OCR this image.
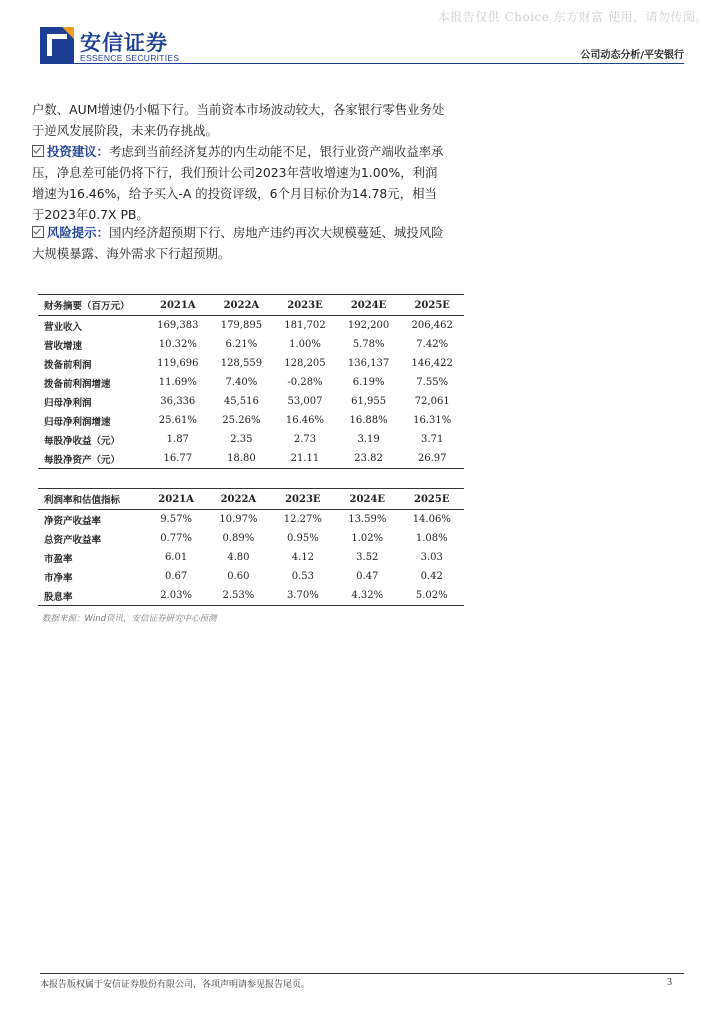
本报告仅供 Choice 东方财富 使用，请勿传阅。
安信证券
ESSENCE SECURITIES	公司动态分析/平安银行
户数、AUM增速仍小幅下行。当前资本市场波动较大，各家银行零售业务处于逆风发展阶段，未来仍存挑战。
投资建议：考虑到当前经济复苏的内生动能不足，银行业资产端收益率承压，净息差可能仍将下行，我们预计公司2023年营收增速为1.00%，利润增速为16.46%，给予买入-A 的投资评级，6个月目标价为14.78元，相当于2023年0.7X PB。
风险提示：国内经济超预期下行、房地产违约再次大规模蔓延、城投风险大规模暴露、海外需求下行超预期。
财务摘要（百万元）	2021A	2022A	2023E	2024E	2025E
营业收入	169,383	179,895	181,702	192,200	206,462
营收增速	10.32%	6.21%	1.00%	5.78%	7.42%
拨备前利润	119,696	128,559	128,205	136,137	146,422
拨备前利润增速	11.69%	7.40%	-0.28%	6.19%	7.55%
归母净利润	36,336	45,516	53,007	61,955	72,061
归母净利润增速	25.61%	25.26%	16.46%	16.88%	16.31%
每股净收益（元）	1.87	2.35	2.73	3.19	3.71
每股净资产（元）	16.77	18.80	21.11	23.82	26.97
利润率和估值指标	2021A	2022A	2023E	2024E	2025E
净资产收益率	9.57%	10.97%	12.27%	13.59%	14.06%
总资产收益率	0.77%	0.89%	0.95%	1.02%	1.08%
市盈率	6.01	4.80	4.12	3.52	3.03
市净率	0.67	0.60	0.53	0.47	0.42
股息率	2.03%	2.53%	3.70%	4.32%	5.02%
数据来源：Wind资讯，安信证券研究中心预测
本报告版权属于安信证券股份有限公司，各项声明请参见报告尾页。	3
